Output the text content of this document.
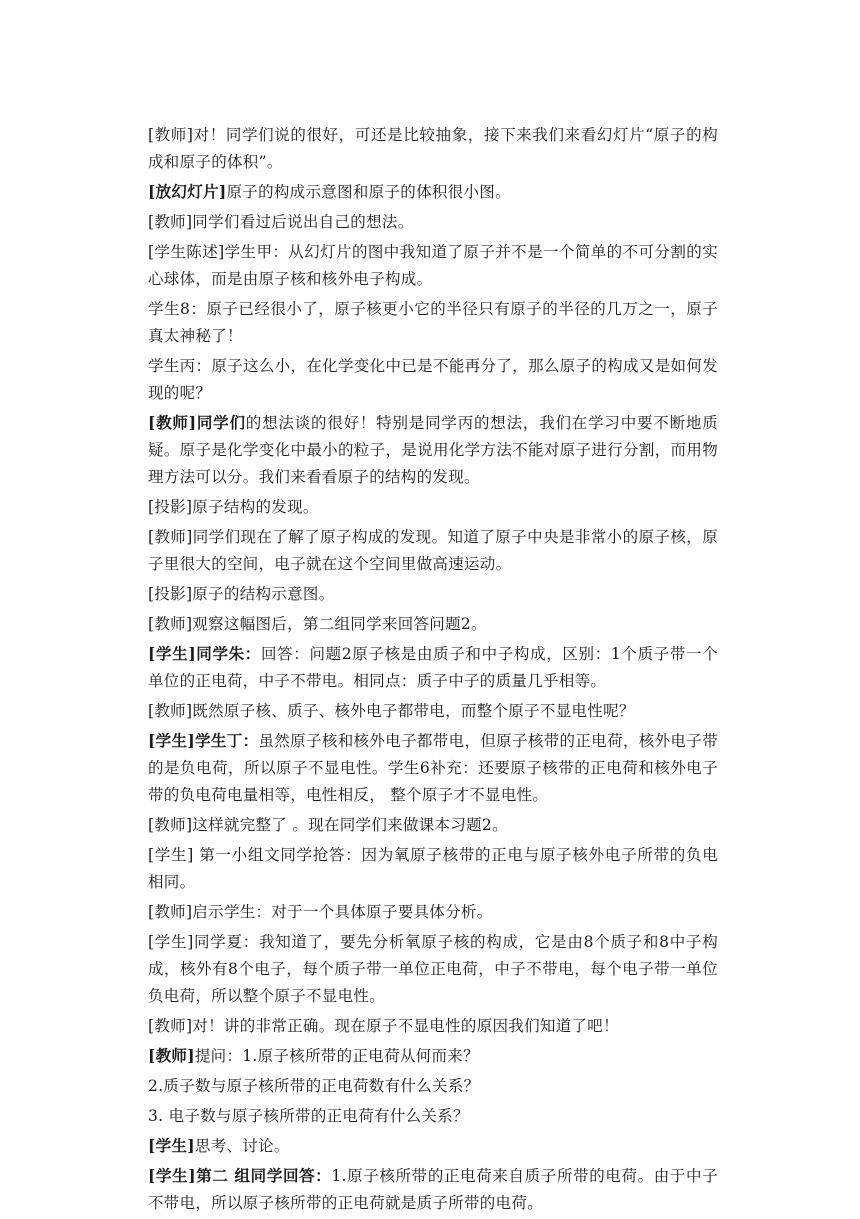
[教师]对！同学们说的很好，可还是比较抽象，接下来我们来看幻灯片“原子的构成和原子的体积”。

[放幻灯片]原子的构成示意图和原子的体积很小图。

[教师]同学们看过后说出自己的想法。

[学生陈述]学生甲：从幻灯片的图中我知道了原子并不是一个简单的不可分割的实心球体，而是由原子核和核外电子构成。

学生8：原子已经很小了，原子核更小它的半径只有原子的半径的几万之一，原子真太神秘了！

学生丙：原子这么小，在化学变化中已是不能再分了，那么原子的构成又是如何发现的呢？

[教师]同学们的想法谈的很好！特别是同学丙的想法，我们在学习中要不断地质疑。原子是化学变化中最小的粒子，是说用化学方法不能对原子进行分割，而用物理方法可以分。我们来看看原子的结构的发现。

[投影]原子结构的发现。

[教师]同学们现在了解了原子构成的发现。知道了原子中央是非常小的原子核，原子里很大的空间，电子就在这个空间里做高速运动。

[投影]原子的结构示意图。

[教师]观察这幅图后，第二组同学来回答问题2。

[学生]同学朱：回答：问题2原子核是由质子和中子构成，区别：1个质子带一个单位的正电荷，中子不带电。相同点：质子中子的质量几乎相等。

[教师]既然原子核、质子、核外电子都带电，而整个原子不显电性呢？

[学生]学生丁：虽然原子核和核外电子都带电，但原子核带的正电荷，核外电子带的是负电荷，所以原子不显电性。学生6补充：还要原子核带的正电荷和核外电子带的负电荷电量相等，电性相反， 整个原子才不显电性。

[教师]这样就完整了 。现在同学们来做课本习题2。

[学生] 第一小组文同学抢答：因为氧原子核带的正电与原子核外电子所带的负电相同。

[教师]启示学生：对于一个具体原子要具体分析。

[学生]同学夏：我知道了，要先分析氧原子核的构成，它是由8个质子和8中子构成，核外有8个电子，每个质子带一单位正电荷，中子不带电，每个电子带一单位负电荷，所以整个原子不显电性。

[教师]对！讲的非常正确。现在原子不显电性的原因我们知道了吧！

[教师]提问：1.原子核所带的正电荷从何而来？

2.质子数与原子核所带的正电荷数有什么关系？

3. 电子数与原子核所带的正电荷有什么关系？

[学生]思考、讨论。

[学生]第二 组同学回答：1.原子核所带的正电荷来自质子所带的电荷。由于中子不带电，所以原子核所带的正电荷就是质子所带的电荷。
